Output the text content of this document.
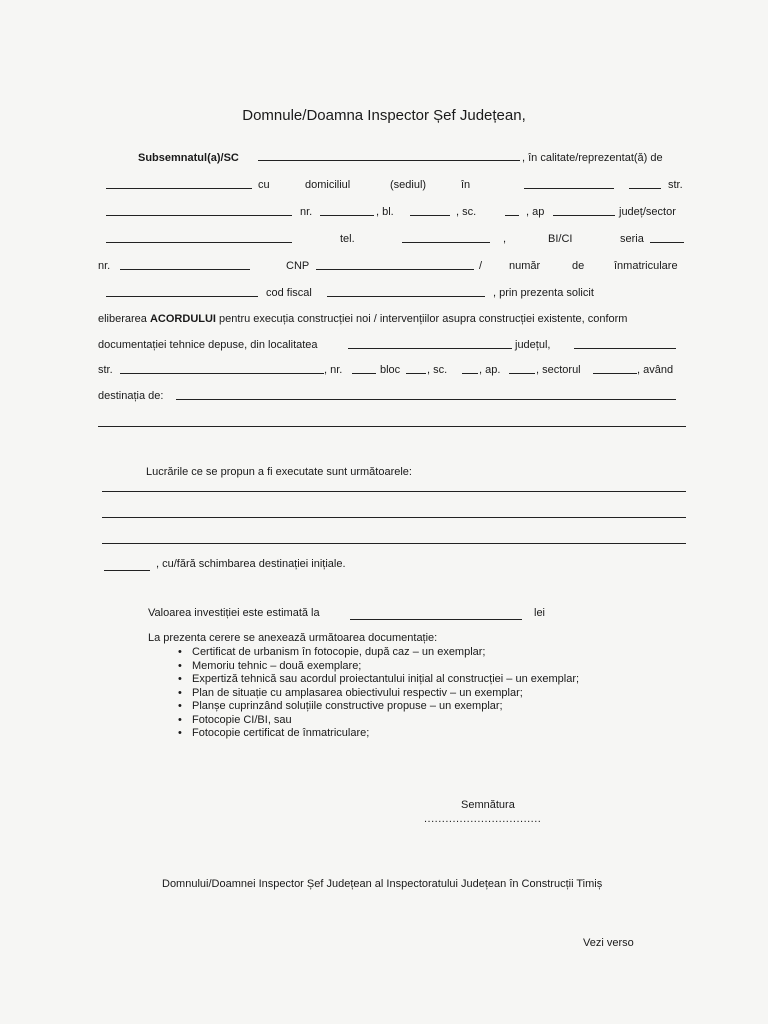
Domnule/Doamna Inspector Șef Județean,
Subsemnatul(a)/SC	, în calitate/reprezentat(ă) de
cu	domiciliul	(sediul)	în	str.
nr.	, bl.	, sc.	, ap	județ/sector
tel.	,	BI/CI	seria
nr.	CNP	/ număr	de	înmatriculare
cod fiscal	, prin prezenta solicit
eliberarea ACORDULUI pentru execuția construcției noi / intervențiilor asupra construcției existente, conform
documentației tehnice depuse, din localitatea	județul,
str.	, nr.	bloc , sc.	, ap.	, sectorul	, având
destinația de:
Lucrările ce se propun a fi executate sunt următoarele:
, cu/fără schimbarea destinației inițiale.
Valoarea investiției este estimată la	lei
La prezenta cerere se anexează următoarea documentație:
• Certificat de urbanism în fotocopie, după caz – un exemplar;
• Memoriu tehnic – două exemplare;
• Expertiză tehnică sau acordul proiectantului inițial al construcției – un exemplar;
• Plan de situație cu amplasarea obiectivului respectiv – un exemplar;
• Planșe cuprinzând soluțiile constructive propuse – un exemplar;
• Fotocopie CI/BI, sau
• Fotocopie certificat de înmatriculare;
Semnătura
.................................
Domnului/Doamnei Inspector Șef Județean al Inspectoratului Județean în Construcții Timiș
Vezi verso
